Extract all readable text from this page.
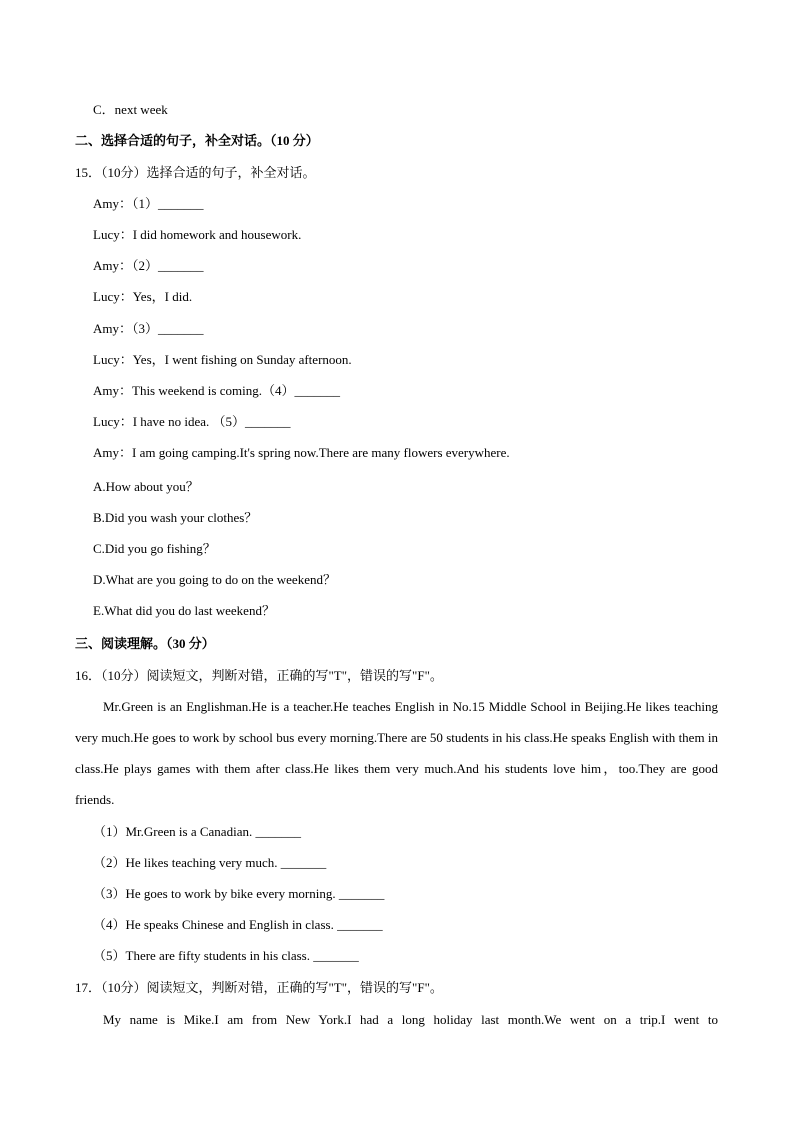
C．next week
二、选择合适的句子，补全对话。（10 分）
15．（10分）选择合适的句子，补全对话。
Amy：（1）_______
Lucy：I did homework and housework.
Amy：（2）_______
Lucy：Yes，I did.
Amy：（3）_______
Lucy：Yes，I went fishing on Sunday afternoon.
Amy：This weekend is coming.（4）_______
Lucy：I have no idea. （5）_______
Amy：I am going camping.It's spring now.There are many flowers everywhere.
A.How about you？
B.Did you wash your clothes？
C.Did you go fishing？
D.What are you going to do on the weekend？
E.What did you do last weekend？
三、阅读理解。（30 分）
16．（10分）阅读短文，判断对错，正确的写"T"，错误的写"F"。
Mr.Green is an Englishman.He is a teacher.He teaches English in No.15 Middle School in Beijing.He likes teaching very much.He goes to work by school bus every morning.There are 50 students in his class.He speaks English with them in class.He plays games with them after class.He likes them very much.And his students love him，too.They are good friends.
（1）Mr.Green is a Canadian. _______
（2）He likes teaching very much. _______
（3）He goes to work by bike every morning. _______
（4）He speaks Chinese and English in class. _______
（5）There are fifty students in his class. _______
17．（10分）阅读短文，判断对错，正确的写"T"，错误的写"F"。
My name is Mike.I am from New York.I had a long holiday last month.We went on a trip.I went to
